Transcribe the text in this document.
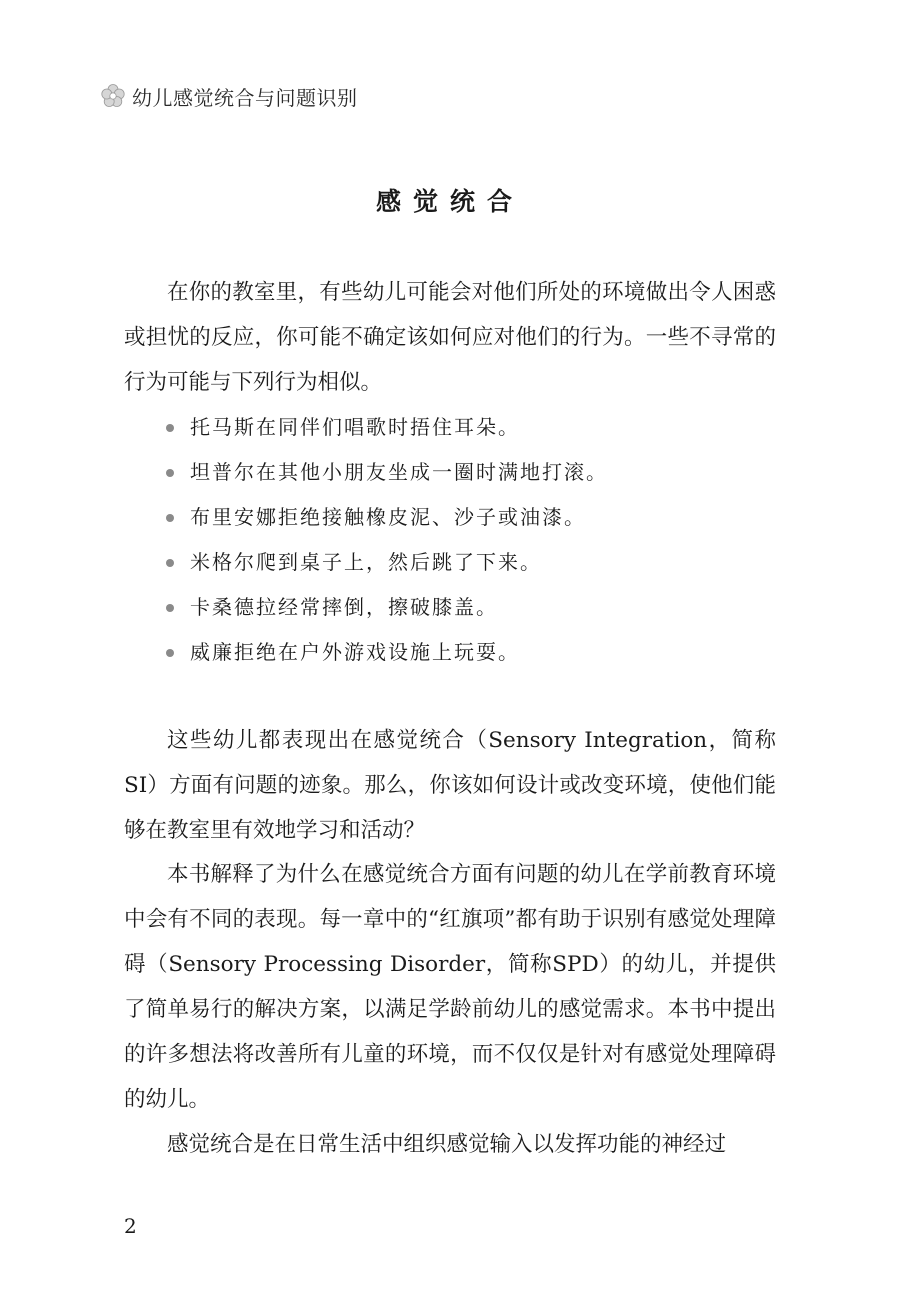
幼儿感觉统合与问题识别
感觉统合

在你的教室里，有些幼儿可能会对他们所处的环境做出令人困惑或担忧的反应，你可能不确定该如何应对他们的行为。一些不寻常的行为可能与下列行为相似。

托马斯在同伴们唱歌时捂住耳朵。
坦普尔在其他小朋友坐成一圈时满地打滚。
布里安娜拒绝接触橡皮泥、沙子或油漆。
米格尔爬到桌子上，然后跳了下来。
卡桑德拉经常摔倒，擦破膝盖。
威廉拒绝在户外游戏设施上玩耍。

这些幼儿都表现出在感觉统合（Sensory Integration，简称SI）方面有问题的迹象。那么，你该如何设计或改变环境，使他们能够在教室里有效地学习和活动？

本书解释了为什么在感觉统合方面有问题的幼儿在学前教育环境中会有不同的表现。每一章中的“红旗项”都有助于识别有感觉处理障碍（Sensory Processing Disorder，简称SPD）的幼儿，并提供了简单易行的解决方案，以满足学龄前幼儿的感觉需求。本书中提出的许多想法将改善所有儿童的环境，而不仅仅是针对有感觉处理障碍的幼儿。

感觉统合是在日常生活中组织感觉输入以发挥功能的神经过

2
